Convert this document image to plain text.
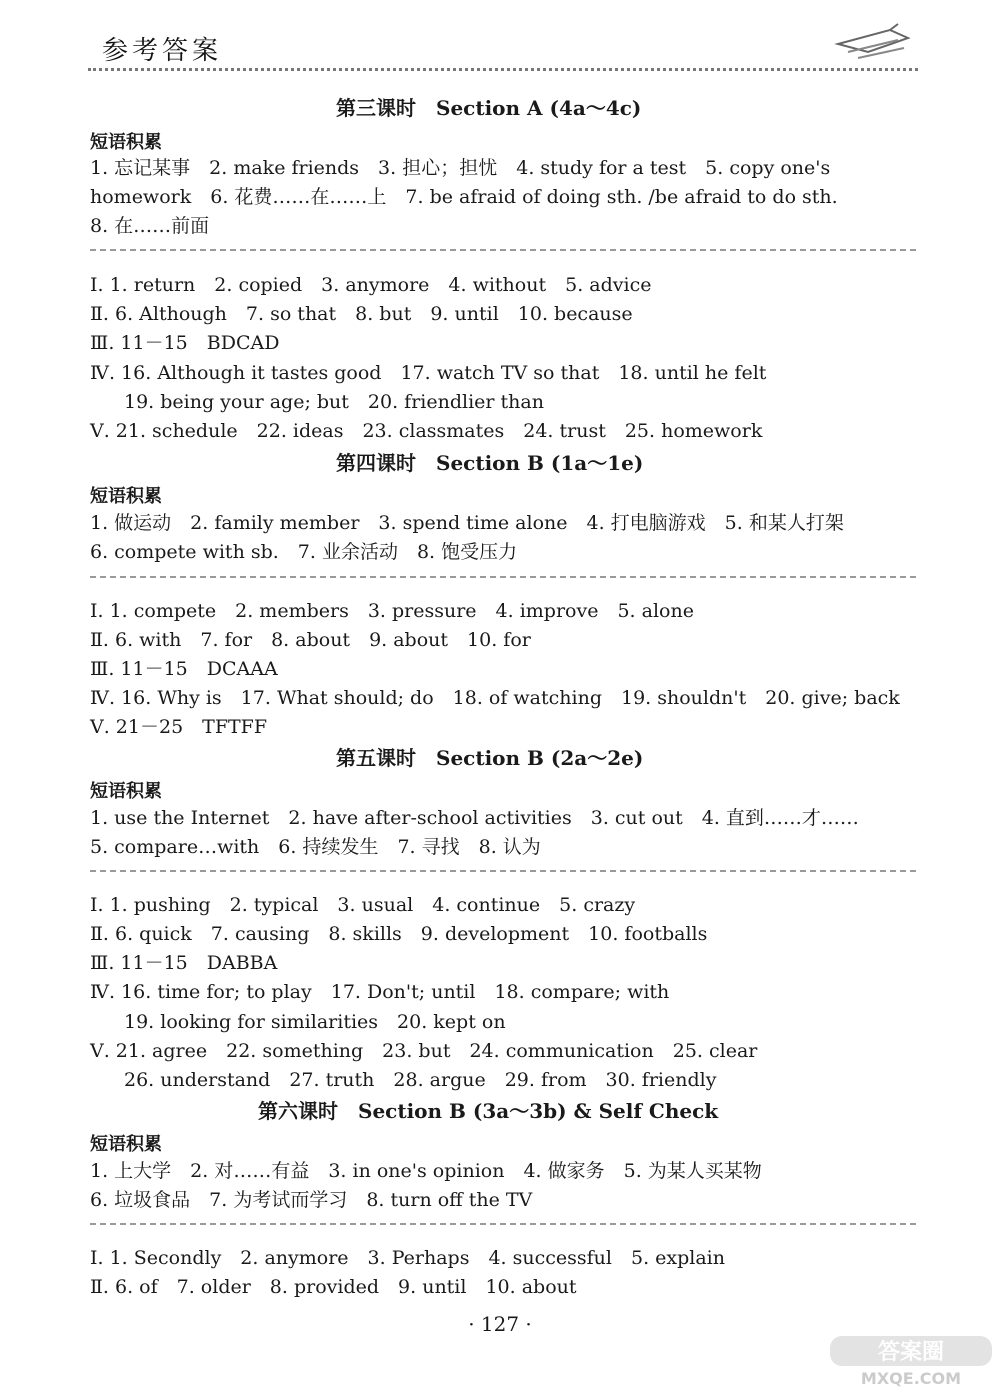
参考答案
第三课时　Section A (4a～4c)
短语积累
1. 忘记某事　2. make friends　3. 担心；担忧　4. study for a test　5. copy one's
homework　6. 花费……在……上　7. be afraid of doing sth. /be afraid to do sth.
8. 在……前面
Ⅰ. 1. return　2. copied　3. anymore　4. without　5. advice
Ⅱ. 6. Although　7. so that　8. but　9. until　10. because
Ⅲ. 11－15　BDCAD
Ⅳ. 16. Although it tastes good　17. watch TV so that　18. until he felt
19. being your age; but　20. friendlier than
Ⅴ. 21. schedule　22. ideas　23. classmates　24. trust　25. homework
第四课时　Section B (1a～1e)
短语积累
1. 做运动　2. family member　3. spend time alone　4. 打电脑游戏　5. 和某人打架
6. compete with sb.　7. 业余活动　8. 饱受压力
Ⅰ. 1. compete　2. members　3. pressure　4. improve　5. alone
Ⅱ. 6. with　7. for　8. about　9. about　10. for
Ⅲ. 11－15　DCAAA
Ⅳ. 16. Why is　17. What should; do　18. of watching　19. shouldn't　20. give; back
Ⅴ. 21－25　TFTFF
第五课时　Section B (2a～2e)
短语积累
1. use the Internet　2. have after-school activities　3. cut out　4. 直到……才……
5. compare…with　6. 持续发生　7. 寻找　8. 认为
Ⅰ. 1. pushing　2. typical　3. usual　4. continue　5. crazy
Ⅱ. 6. quick　7. causing　8. skills　9. development　10. footballs
Ⅲ. 11－15　DABBA
Ⅳ. 16. time for; to play　17. Don't; until　18. compare; with
19. looking for similarities　20. kept on
Ⅴ. 21. agree　22. something　23. but　24. communication　25. clear
26. understand　27. truth　28. argue　29. from　30. friendly
第六课时　Section B (3a～3b) & Self Check
短语积累
1. 上大学　2. 对……有益　3. in one's opinion　4. 做家务　5. 为某人买某物
6. 垃圾食品　7. 为考试而学习　8. turn off the TV
Ⅰ. 1. Secondly　2. anymore　3. Perhaps　4. successful　5. explain
Ⅱ. 6. of　7. older　8. provided　9. until　10. about
· 127 ·
答案圈
MXQE.COM
